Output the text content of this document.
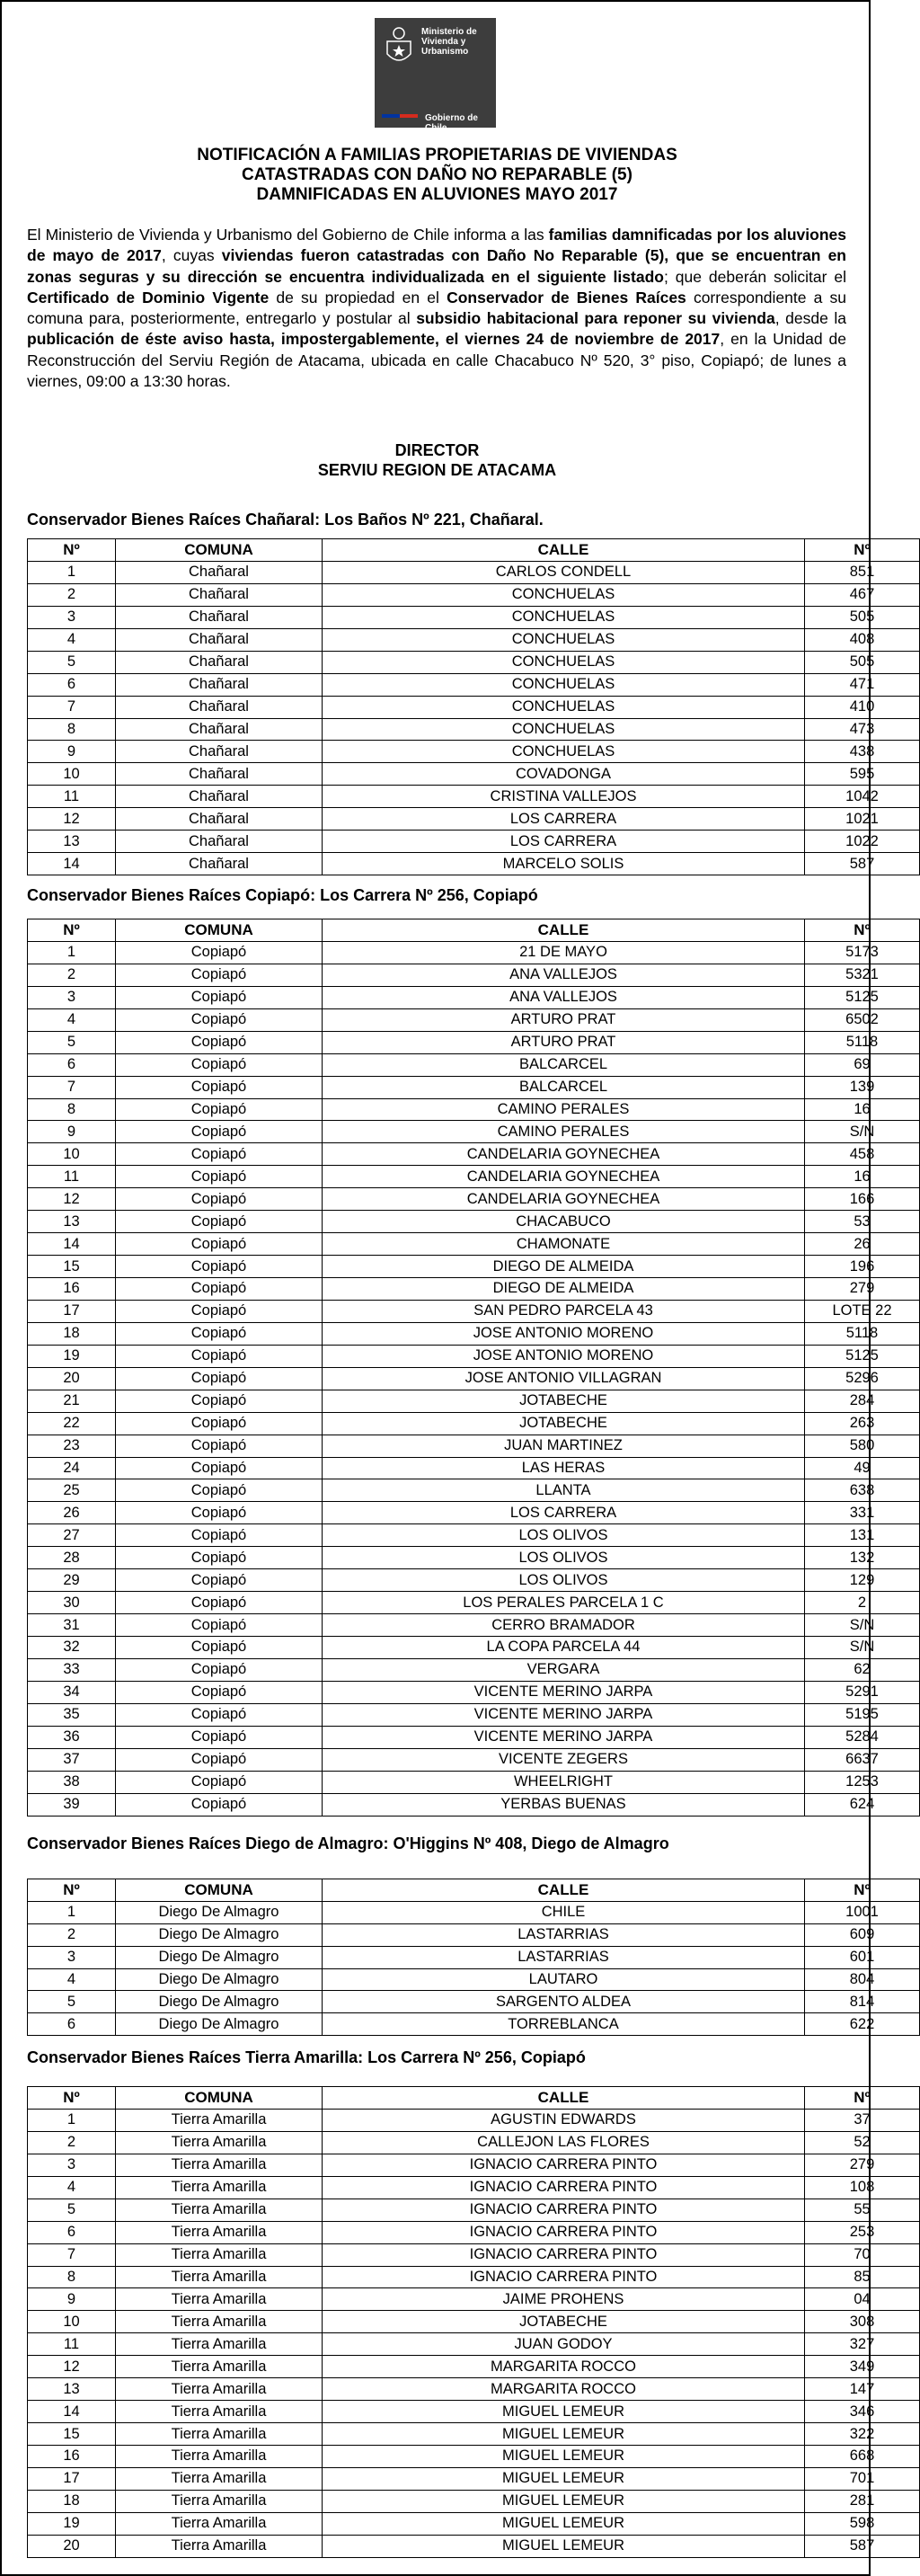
Ministerio de
Vivienda y
Urbanismo
Gobierno de Chile
NOTIFICACIÓN A FAMILIAS PROPIETARIAS DE VIVIENDAS
CATASTRADAS CON DAÑO NO REPARABLE (5)
DAMNIFICADAS EN ALUVIONES MAYO 2017
El Ministerio de Vivienda y Urbanismo del Gobierno de Chile informa a las familias damnificadas por los aluviones de mayo de 2017, cuyas viviendas fueron catastradas con Daño No Reparable (5), que se encuentran en zonas seguras y su dirección se encuentra individualizada en el siguiente listado; que deberán solicitar el Certificado de Dominio Vigente de su propiedad en el Conservador de Bienes Raíces correspondiente a su comuna para, posteriormente, entregarlo y postular al subsidio habitacional para reponer su vivienda, desde la publicación de éste aviso hasta, impostergablemente, el viernes 24 de noviembre de 2017, en la Unidad de Reconstrucción del Serviu Región de Atacama, ubicada en calle Chacabuco Nº 520, 3° piso, Copiapó; de lunes a viernes, 09:00 a 13:30 horas.
DIRECTOR
SERVIU REGION DE ATACAMA
Conservador Bienes Raíces Chañaral: Los Baños Nº 221, Chañaral.
Nº	COMUNA	CALLE	Nº
1	Chañaral	CARLOS CONDELL	851
2	Chañaral	CONCHUELAS	467
3	Chañaral	CONCHUELAS	505
4	Chañaral	CONCHUELAS	408
5	Chañaral	CONCHUELAS	505
6	Chañaral	CONCHUELAS	471
7	Chañaral	CONCHUELAS	410
8	Chañaral	CONCHUELAS	473
9	Chañaral	CONCHUELAS	438
10	Chañaral	COVADONGA	595
11	Chañaral	CRISTINA VALLEJOS	1042
12	Chañaral	LOS CARRERA	1021
13	Chañaral	LOS CARRERA	1022
14	Chañaral	MARCELO SOLIS	587
Conservador Bienes Raíces Copiapó: Los Carrera Nº 256, Copiapó
Nº	COMUNA	CALLE	Nº
1	Copiapó	21 DE MAYO	5173
2	Copiapó	ANA VALLEJOS	5321
3	Copiapó	ANA VALLEJOS	5125
4	Copiapó	ARTURO PRAT	6502
5	Copiapó	ARTURO PRAT	5118
6	Copiapó	BALCARCEL	69
7	Copiapó	BALCARCEL	139
8	Copiapó	CAMINO PERALES	16
9	Copiapó	CAMINO PERALES	S/N
10	Copiapó	CANDELARIA GOYNECHEA	458
11	Copiapó	CANDELARIA GOYNECHEA	16
12	Copiapó	CANDELARIA GOYNECHEA	166
13	Copiapó	CHACABUCO	53
14	Copiapó	CHAMONATE	26
15	Copiapó	DIEGO DE ALMEIDA	196
16	Copiapó	DIEGO DE ALMEIDA	279
17	Copiapó	SAN PEDRO PARCELA 43	LOTE 22
18	Copiapó	JOSE ANTONIO MORENO	5118
19	Copiapó	JOSE ANTONIO MORENO	5125
20	Copiapó	JOSE ANTONIO VILLAGRAN	5296
21	Copiapó	JOTABECHE	284
22	Copiapó	JOTABECHE	263
23	Copiapó	JUAN MARTINEZ	580
24	Copiapó	LAS HERAS	49
25	Copiapó	LLANTA	638
26	Copiapó	LOS CARRERA	331
27	Copiapó	LOS OLIVOS	131
28	Copiapó	LOS OLIVOS	132
29	Copiapó	LOS OLIVOS	129
30	Copiapó	LOS PERALES PARCELA 1 C	2
31	Copiapó	CERRO BRAMADOR	S/N
32	Copiapó	LA COPA PARCELA 44	S/N
33	Copiapó	VERGARA	62
34	Copiapó	VICENTE MERINO JARPA	5291
35	Copiapó	VICENTE MERINO JARPA	5195
36	Copiapó	VICENTE MERINO JARPA	5284
37	Copiapó	VICENTE ZEGERS	6637
38	Copiapó	WHEELRIGHT	1253
39	Copiapó	YERBAS BUENAS	624
Conservador Bienes Raíces Diego de Almagro: O'Higgins Nº 408, Diego de Almagro
Nº	COMUNA	CALLE	Nº
1	Diego De Almagro	CHILE	1001
2	Diego De Almagro	LASTARRIAS	609
3	Diego De Almagro	LASTARRIAS	601
4	Diego De Almagro	LAUTARO	804
5	Diego De Almagro	SARGENTO ALDEA	814
6	Diego De Almagro	TORREBLANCA	622
Conservador Bienes Raíces Tierra Amarilla: Los Carrera Nº 256, Copiapó
Nº	COMUNA	CALLE	Nº
1	Tierra Amarilla	AGUSTIN EDWARDS	37
2	Tierra Amarilla	CALLEJON LAS FLORES	52
3	Tierra Amarilla	IGNACIO CARRERA PINTO	279
4	Tierra Amarilla	IGNACIO CARRERA PINTO	108
5	Tierra Amarilla	IGNACIO CARRERA PINTO	55
6	Tierra Amarilla	IGNACIO CARRERA PINTO	253
7	Tierra Amarilla	IGNACIO CARRERA PINTO	70
8	Tierra Amarilla	IGNACIO CARRERA PINTO	85
9	Tierra Amarilla	JAIME PROHENS	04
10	Tierra Amarilla	JOTABECHE	308
11	Tierra Amarilla	JUAN GODOY	327
12	Tierra Amarilla	MARGARITA ROCCO	349
13	Tierra Amarilla	MARGARITA ROCCO	147
14	Tierra Amarilla	MIGUEL LEMEUR	346
15	Tierra Amarilla	MIGUEL LEMEUR	322
16	Tierra Amarilla	MIGUEL LEMEUR	668
17	Tierra Amarilla	MIGUEL LEMEUR	701
18	Tierra Amarilla	MIGUEL LEMEUR	281
19	Tierra Amarilla	MIGUEL LEMEUR	598
20	Tierra Amarilla	MIGUEL LEMEUR	587
